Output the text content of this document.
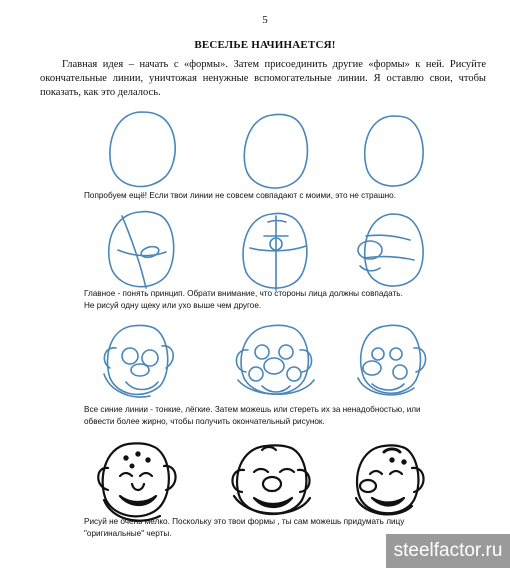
5
ВЕСЕЛЬЕ НАЧИНАЕТСЯ!
Главная идея – начать с «формы». Затем присоединить другие «формы» к ней. Рисуйте окончательные линии, уничтожая ненужные вспомогательные линии. Я оставлю свои, чтобы показать, как это делалось.
Попробуем ещё! Если твои линии не совсем совпадают с моими, это не страшно.
Главное - понять принцип. Обрати внимание, что стороны лица должны совпадать.
Не рисуй одну щеку или ухо выше чем другое.
Все синие линии - тонкие, лёгкие. Затем можешь или стереть их за ненадобностью, или
обвести более жирно, чтобы получить окончательный рисунок.
Рисуй не очень мелко. Поскольку это твои формы , ты сам можешь придумать лицу
"оригинальные" черты.
steelfactor.ru
